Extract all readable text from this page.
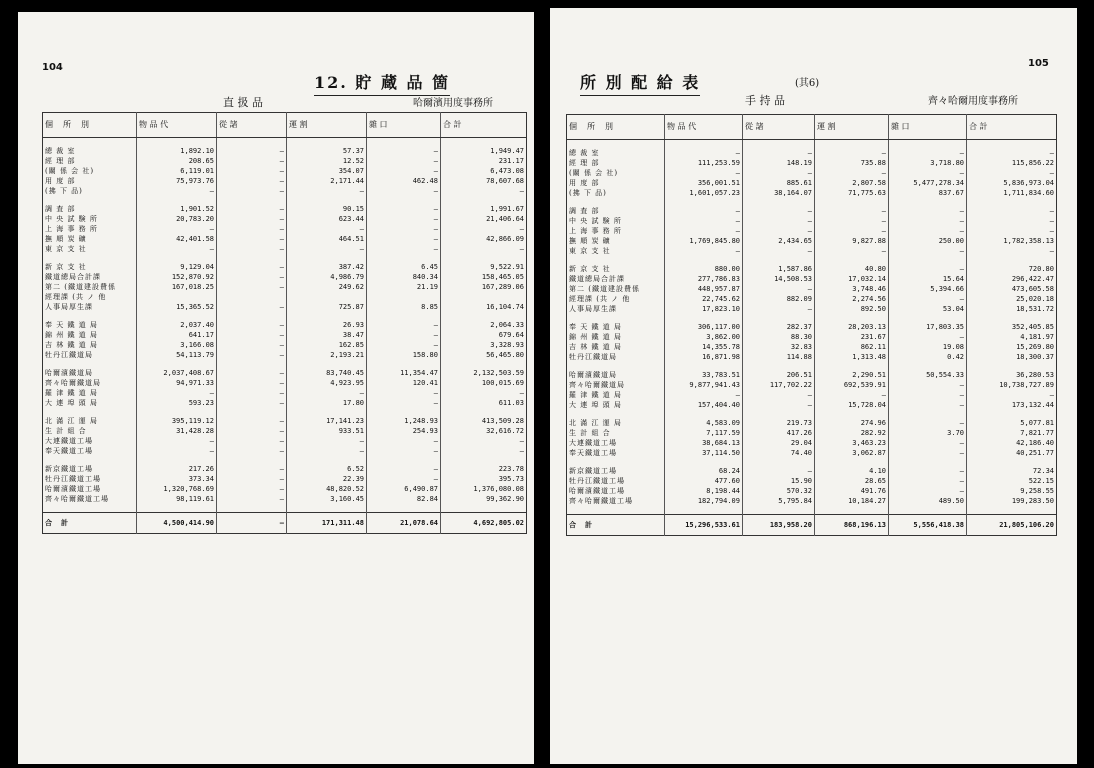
104
12. 貯 蔵 品 箇
直 扱 品	哈爾濱用度事務所
個　所　別	物 品 代	從 諸	運 割	雜 口	合 計

總 裁 室	1,892.10	—	57.37	—	1,949.47
經 理 部	208.65	—	12.52	—	231.17
(關 係 会 社)	6,119.01	—	354.07	—	6,473.08
用 度 部	75,973.76	—	2,171.44	462.48	78,607.68
(拂 下 品)	—	—	—	—	—

調 査 部	1,901.52	—	90.15	—	1,991.67
中 央 試 験 所	20,783.20	—	623.44	—	21,406.64
上 海 事 務 所	—	—	—	—	—
撫 順 炭 礦	42,401.58	—	464.51	—	42,866.09
東 京 支 社	—	—	—	—	—

新 京 支 社	9,129.04	—	387.42	6.45	9,522.91
鐵道總局合計課	152,870.92	—	4,986.79	840.34	158,465.05
第二 (鐵道建設費係	167,018.25	—	249.62	21.19	167,289.06
經理課 (共 ノ 他					
人事局厚生課	15,365.52	—	725.87	8.85	16,104.74

奉 天 鐵 道 局	2,037.40	—	26.93	—	2,064.33
錦 州 鐵 道 局	641.17	—	38.47	—	679.64
吉 林 鐵 道 局	3,166.08	—	162.85	—	3,328.93
牡丹江鐵道局	54,113.79	—	2,193.21	158.80	56,465.80

哈爾濱鐵道局	2,037,408.67	—	83,740.45	11,354.47	2,132,503.59
齊々哈爾鐵道局	94,971.33	—	4,923.95	120.41	100,015.69
羅 津 鐵 道 局	—	—	—	—	—
大 連 埠 頭 局	593.23	—	17.80	—	611.03

北 滿 江 運 局	395,119.12	—	17,141.23	1,248.93	413,509.28
生 計 組 合	31,428.28	—	933.51	254.93	32,616.72
大連鐵道工場	—	—	—	—	—
奉天鐵道工場	—	—	—	—	—

新京鐵道工場	217.26	—	6.52	—	223.78
牡丹江鐵道工場	373.34	—	22.39	—	395.73
哈爾濱鐵道工場	1,320,768.69	—	48,820.52	6,490.87	1,376,080.08
齊々哈爾鐵道工場	98,119.61	—	3,160.45	82.84	99,362.90

合　計	4,500,414.90	—	171,311.48	21,078.64	4,692,805.02
105
所 別 配 給 表	(其6)
手 持 品	齊々哈爾用度事務所
個　所　別	物 品 代	從 諸	運 割	雜 口	合 計

總 裁 室	—	—	—	—	—
經 理 部	111,253.59	148.19	735.88	3,718.80	115,856.22
(關 係 会 社)	—	—	—	—	—
用 度 部	356,001.51	885.61	2,807.58	5,477,278.34	5,836,973.04
(拂 下 品)	1,601,057.23	38,164.07	71,775.63	837.67	1,711,834.60

調 査 部	—	—	—	—	—
中 央 試 験 所	—	—	—	—	—
上 海 事 務 所	—	—	—	—	—
撫 順 炭 礦	1,769,845.80	2,434.65	9,827.88	250.00	1,782,358.13
東 京 支 社	—	—	—	—	—

新 京 支 社	880.00	1,587.86	40.80	—	720.80
鐵道總局合計課	277,786.83	14,508.53	17,032.14	15.64	296,422.47
第二 (鐵道建設費係	448,957.87	—	3,748.46	5,394.66	473,605.58
經理課 (共 ノ 他	22,745.62	882.09	2,274.56	—	25,020.18
人事局厚生課	17,823.10	—	892.50	53.04	18,531.72

奉 天 鐵 道 局	306,117.00	282.37	28,203.13	17,803.35	352,405.85
錦 州 鐵 道 局	3,862.00	88.30	231.67	—	4,181.97
吉 林 鐵 道 局	14,355.78	32.83	862.11	19.08	15,269.80
牡丹江鐵道局	16,871.98	114.88	1,313.48	0.42	18,300.37

哈爾濱鐵道局	33,783.51	206.51	2,290.51	50,554.33	36,280.53
齊々哈爾鐵道局	9,877,941.43	117,702.22	692,539.91	—	10,738,727.89
羅 津 鐵 道 局	—	—	—	—	—
大 連 埠 頭 局	157,404.40	—	15,728.04	—	173,132.44

北 滿 江 運 局	4,583.09	219.73	274.96	—	5,077.81
生 計 組 合	7,117.59	417.26	282.92	3.70	7,821.77
大連鐵道工場	38,684.13	29.04	3,463.23	—	42,186.40
奉天鐵道工場	37,114.50	74.40	3,062.87	—	40,251.77

新京鐵道工場	68.24	—	4.10	—	72.34
牡丹江鐵道工場	477.60	15.90	28.65	—	522.15
哈爾濱鐵道工場	8,198.44	570.32	491.76	—	9,258.55
齊々哈爾鐵道工場	182,794.09	5,795.84	10,184.27	489.50	199,283.50

合　計	15,296,533.61	183,958.20	868,196.13	5,556,418.38	21,805,106.20
